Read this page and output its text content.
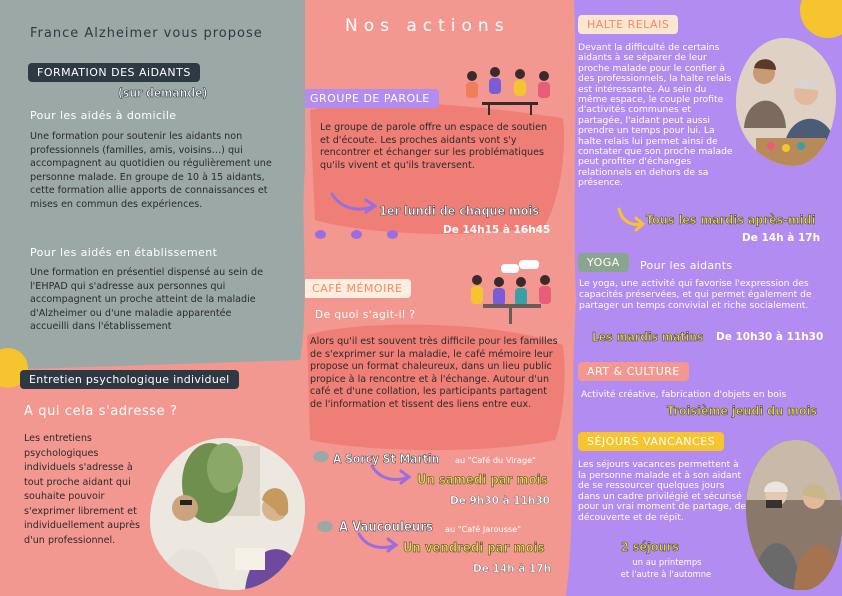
France Alzheimer vous propose
FORMATION DES AiDANTS
(sur demande)
Pour les aidés à domicile
Une formation pour soutenir les aidants non professionnels (familles, amis, voisins…) qui accompagnent au quotidien ou régulièrement une personne malade. En groupe de 10 à 15 aidants, cette formation allie apports de connaissances et mises en commun des expériences.
Pour les aidés en établissement
Une formation en présentiel dispensé au sein de l'EHPAD qui s'adresse aux personnes qui accompagnent un proche atteint de la maladie d'Alzheimer ou d'une maladie apparentée accueilli dans l'établissement
Entretien psychologique individuel
A qui cela s'adresse ?
Les entretiens psychologiques individuels s'adresse à tout proche aidant qui souhaite pouvoir s'exprimer librement et individuellement auprès d'un professionnel.
Nos actions
GROUPE DE PAROLE
Le groupe de parole offre un espace de soutien et d'écoute. Les proches aidants vont s'y rencontrer et échanger sur les problématiques qu'ils vivent et qu'ils traversent.
1er lundi de chaque mois
De 14h15 à 16h45
CAFÉ MÉMOIRE
De quoi s'agit-il ?
Alors qu'il est souvent très difficile pour les familles de s'exprimer sur la maladie, le café mémoire leur propose un format chaleureux, dans un lieu public propice à la rencontre et à l'échange. Autour d'un café et d'une collation, les participants partagent de l'information et tissent des liens entre eux.
A Sorcy St Martin au "Café du Virage"
Un samedi par mois
De 9h30 à 11h30
A Vaucouleurs au "Café Jarousse"
Un vendredi par mois
De 14h à 17h
HALTE RELAIS
Devant la difficulté de certains aidants à se séparer de leur proche malade pour le confier à des professionnels, la halte relais est intéressante. Au sein du même espace, le couple profite d'activités communes et partagée, l'aidant peut aussi prendre un temps pour lui. La halte relais lui permet ainsi de constater que son proche malade peut profiter d'échanges relationnels en dehors de sa présence.
Tous les mardis après-midi
De 14h à 17h
YOGA	Pour les aidants
Le yoga, une activité qui favorise l'expression des capacités préservées, et qui permet également de partager un temps convivial et riche socialement.
Les mardis matins De 10h30 à 11h30
ART & CULTURE
Activité créative, fabrication d'objets en bois
Troisième jeudi du mois
SÉJOURS VANCANCES
Les séjours vacances permettent à la personne malade et à son aidant de se ressourcer quelques jours dans un cadre privilégié et sécurisé pour un vrai moment de partage, de découverte et de répit.
2 séjours
un au printemps
et l'autre à l'automne
